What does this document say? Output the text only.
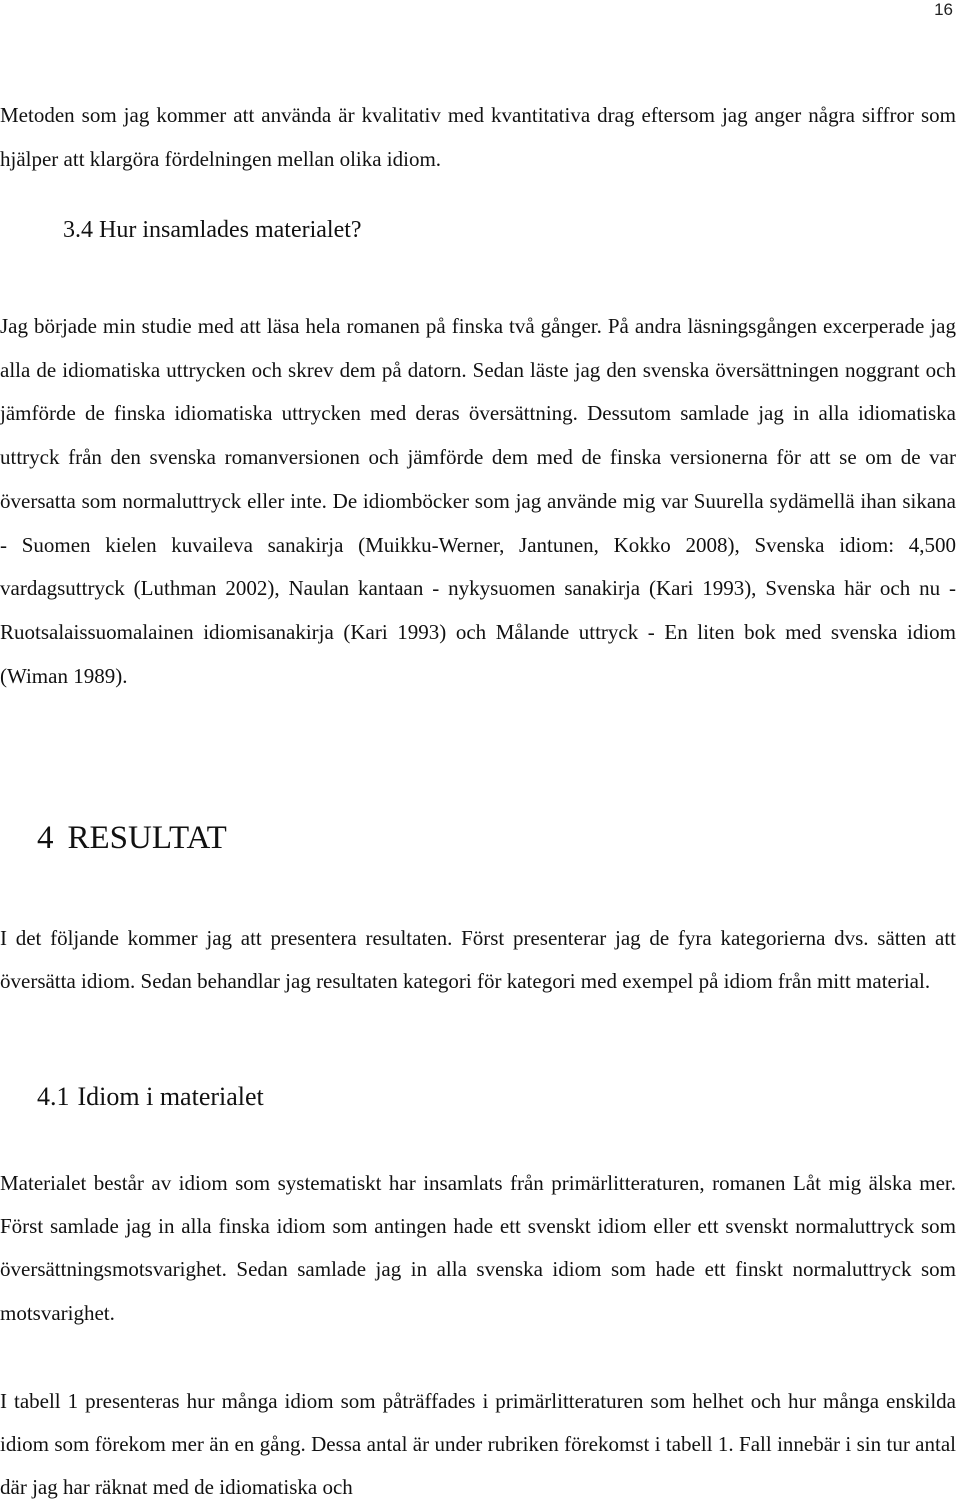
16

Metoden som jag kommer att använda är kvalitativ med kvantitativa drag eftersom jag anger några siffror som hjälper att klargöra fördelningen mellan olika idiom.

3.4 Hur insamlades materialet?

Jag började min studie med att läsa hela romanen på finska två gånger. På andra läsningsgången excerperade jag alla de idiomatiska uttrycken och skrev dem på datorn. Sedan läste jag den svenska översättningen noggrant och jämförde de finska idiomatiska uttrycken med deras översättning. Dessutom samlade jag in alla idiomatiska uttryck från den svenska romanversionen och jämförde dem med de finska versionerna för att se om de var översatta som normaluttryck eller inte. De idiomböcker som jag använde mig var Suurella sydämellä ihan sikana - Suomen kielen kuvaileva sanakirja (Muikku-Werner, Jantunen, Kokko 2008), Svenska idiom: 4,500 vardagsuttryck (Luthman 2002), Naulan kantaan - nykysuomen sanakirja (Kari 1993), Svenska här och nu - Ruotsalaissuomalainen idiomisanakirja (Kari 1993) och Målande uttryck - En liten bok med svenska idiom (Wiman 1989).

4 RESULTAT

I det följande kommer jag att presentera resultaten. Först presenterar jag de fyra kategorierna dvs. sätten att översätta idiom. Sedan behandlar jag resultaten kategori för kategori med exempel på idiom från mitt material.

4.1 Idiom i materialet

Materialet består av idiom som systematiskt har insamlats från primärlitteraturen, romanen Låt mig älska mer. Först samlade jag in alla finska idiom som antingen hade ett svenskt idiom eller ett svenskt normaluttryck som översättningsmotsvarighet. Sedan samlade jag in alla svenska idiom som hade ett finskt normaluttryck som motsvarighet.

I tabell 1 presenteras hur många idiom som påträffades i primärlitteraturen som helhet och hur många enskilda idiom som förekom mer än en gång. Dessa antal är under rubriken förekomst i tabell 1. Fall innebär i sin tur antal där jag har räknat med de idiomatiska och
